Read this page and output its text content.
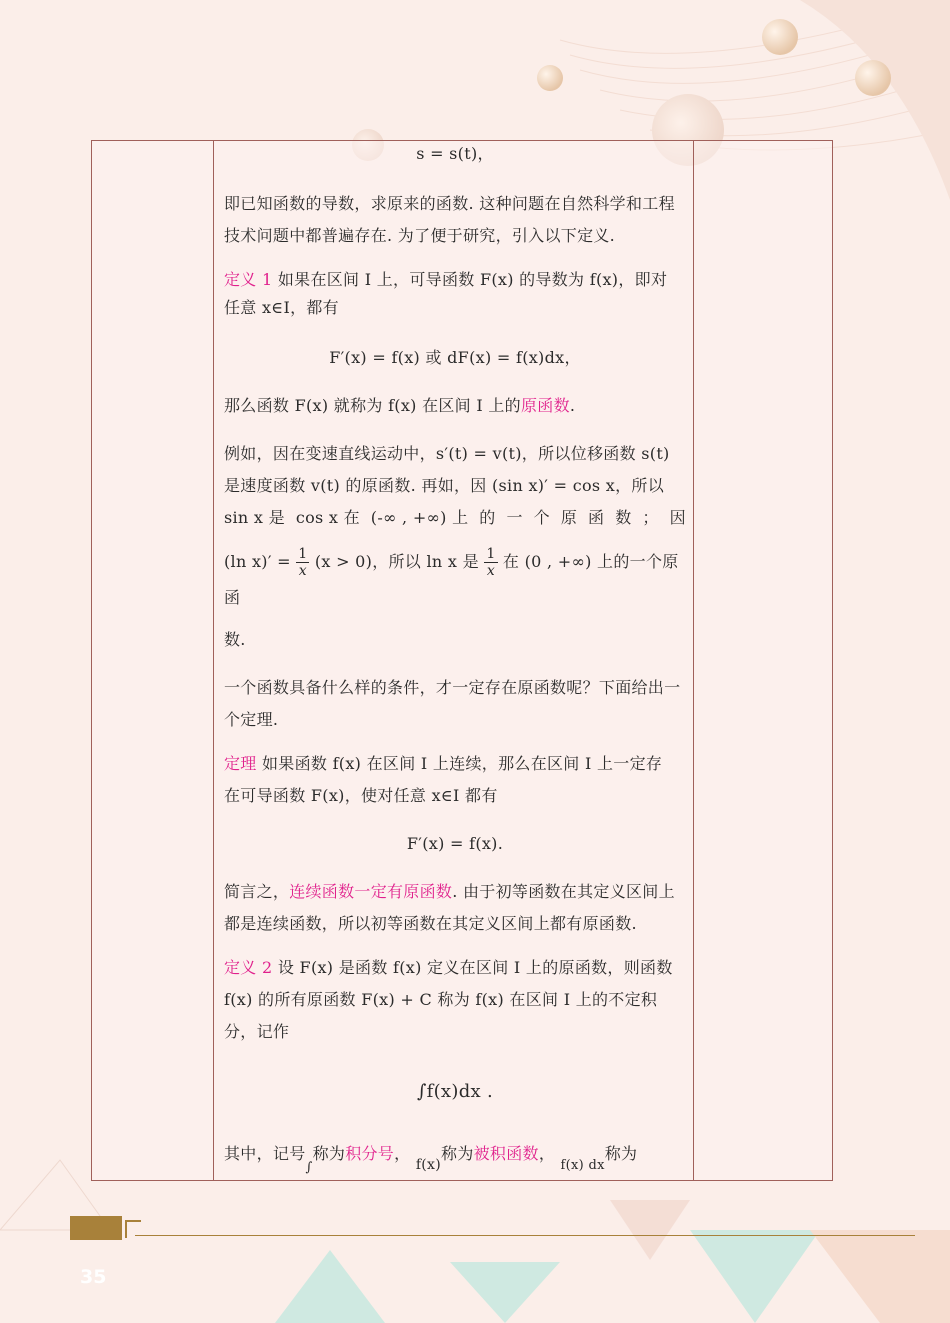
s = s(t)，

即已知函数的导数，求原来的函数. 这种问题在自然科学和工程技术问题中都普遍存在. 为了便于研究，引入以下定义.

定义 1 如果在区间 I 上，可导函数 F(x) 的导数为 f(x)，即对

任意 x∈I，都有

F′(x) = f(x) 或 dF(x) = f(x)dx，

那么函数 F(x) 就称为 f(x) 在区间 I 上的原函数.

例如，因在变速直线运动中，s′(t) = v(t)，所以位移函数 s(t)

是速度函数 v(t) 的原函数. 再如，因 (sin x)′ = cos x，所以

sin x 是 cos x 在 (-∞ , +∞) 上 的 一 个 原 函 数 ； 因

(ln $x)' = \frac{1}{x} (x > 0)$，所以 ln x 是 $\frac{1}{x}$ 在 (0 , +∞) 上的一个原函

数.

一个函数具备什么样的条件，才一定存在原函数呢？下面给出一个定理.

定理 如果函数 f(x) 在区间 I 上连续，那么在区间 I 上一定存

在可导函数 F(x)，使对任意 x∈I 都有

F′(x) = f(x).

简言之，连续函数一定有原函数. 由于初等函数在其定义区间上都是连续函数，所以初等函数在其定义区间上都有原函数.

定义 2 设 F(x) 是函数 f(x) 定义在区间 I 上的原函数，则函数

f(x) 的所有原函数 F(x) + C 称为 f(x) 在区间 I 上的不定积

分，记作

∫f(x)dx .

其中，记号$_\int$称为积分号， f(x)称为被积函数， $_{f(x) dx}$称为

35
